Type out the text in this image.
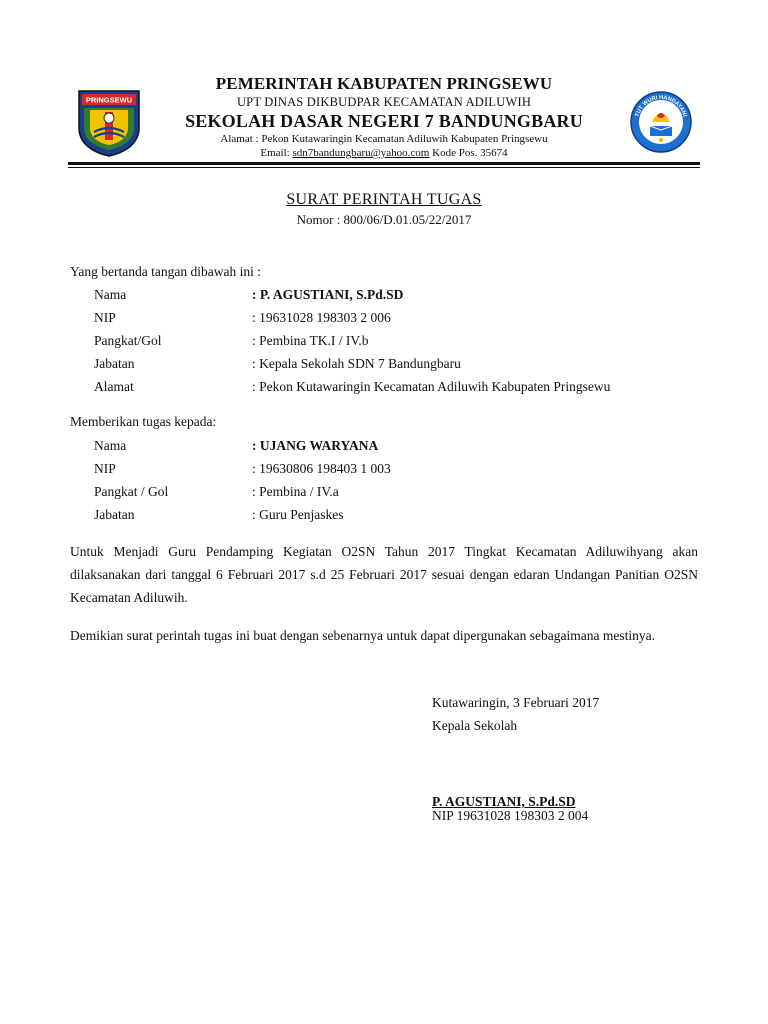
PRINGSEWU
PEMERINTAH KABUPATEN PRINGSEWU
UPT DINAS DIKBUDPAR KECAMATAN ADILUWIH
SEKOLAH DASAR NEGERI 7 BANDUNGBARU
Alamat : Pekon Kutawaringin Kecamatan Adiluwih Kabupaten Pringsewu
Email: sdn7bandungbaru@yahoo.com Kode Pos. 35674
TUT WURI HANDAYANI
SURAT PERINTAH TUGAS
Nomor : 800/06/D.01.05/22/2017
Yang bertanda tangan dibawah ini :
Nama	: P. AGUSTIANI, S.Pd.SD
NIP	: 19631028 198303 2 006
Pangkat/Gol	: Pembina TK.I / IV.b
Jabatan	: Kepala Sekolah SDN 7 Bandungbaru
Alamat	: Pekon Kutawaringin Kecamatan Adiluwih Kabupaten Pringsewu
Memberikan tugas kepada:
Nama	: UJANG WARYANA
NIP	: 19630806 198403 1 003
Pangkat / Gol	: Pembina / IV.a
Jabatan	: Guru Penjaskes
Untuk Menjadi Guru Pendamping Kegiatan O2SN Tahun 2017 Tingkat Kecamatan Adiluwihyang akan dilaksanakan dari tanggal 6 Februari 2017 s.d 25 Februari 2017 sesuai dengan edaran Undangan Panitian O2SN Kecamatan Adiluwih.
Demikian surat perintah tugas ini buat dengan sebenarnya untuk dapat dipergunakan sebagaimana mestinya.
Kutawaringin, 3 Februari 2017
Kepala Sekolah
P. AGUSTIANI, S.Pd.SD
NIP 19631028 198303 2 004
